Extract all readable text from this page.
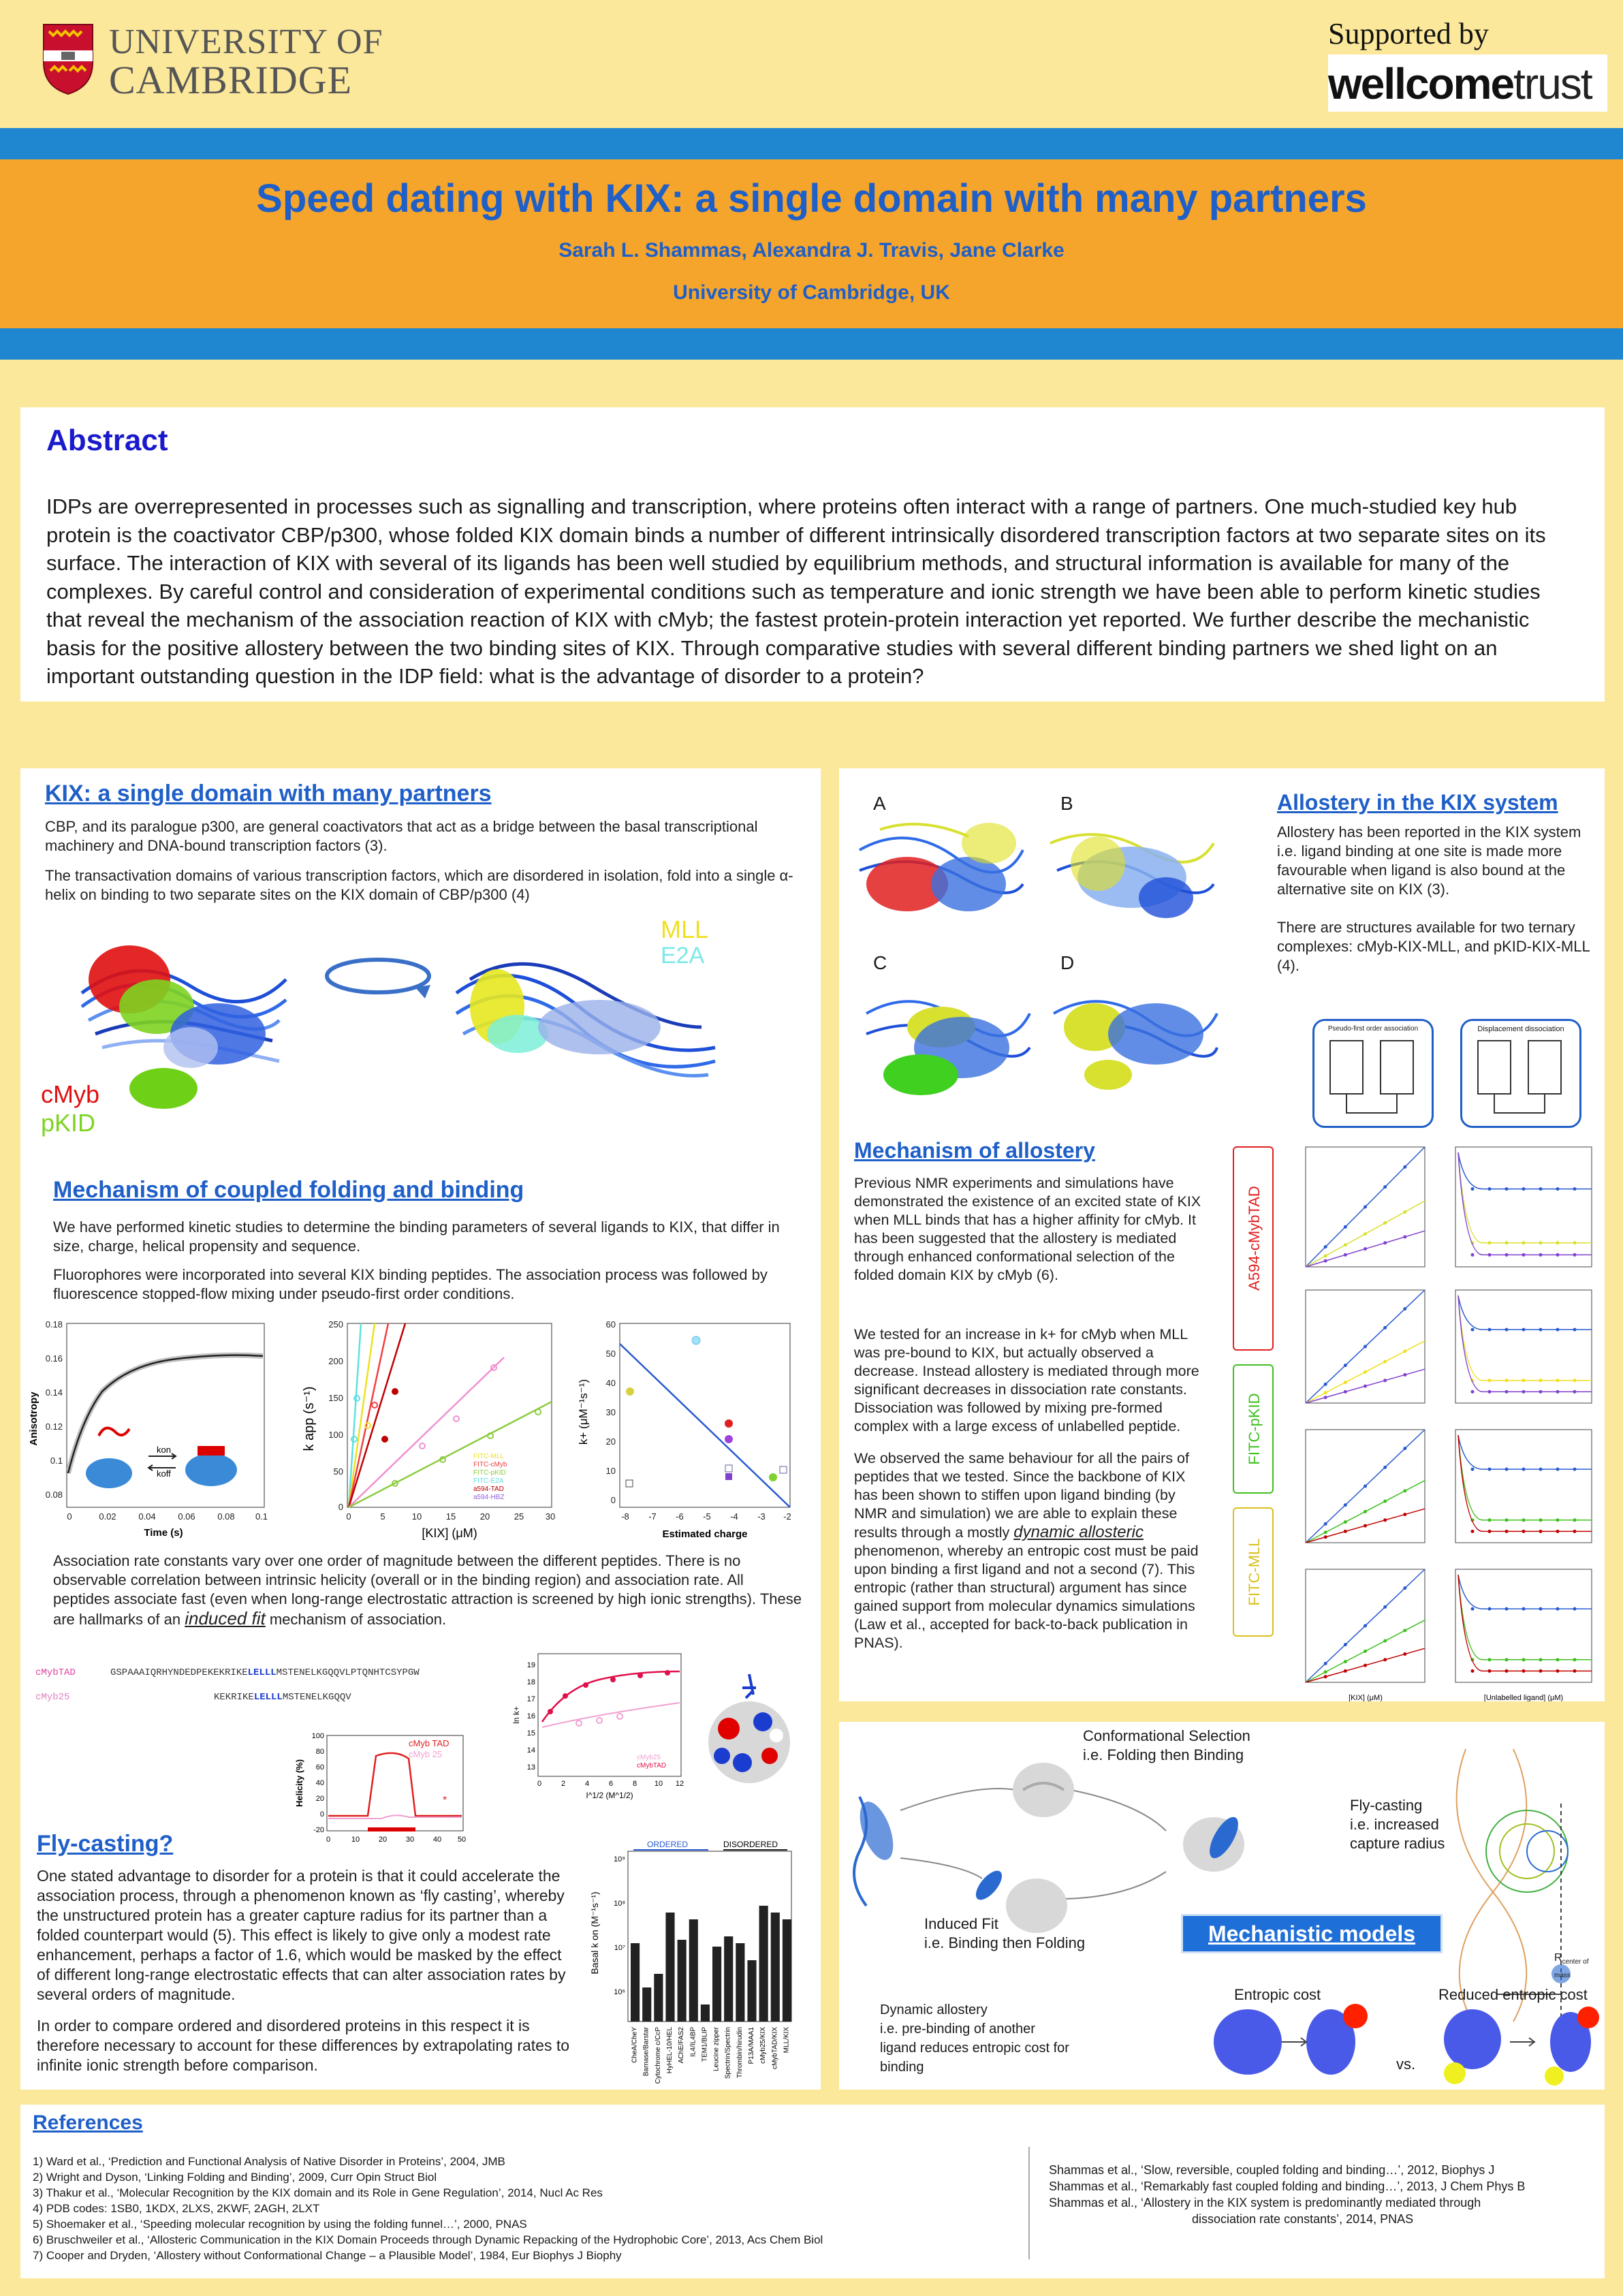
UNIVERSITY OF
CAMBRIDGE
Supported by
wellcometrust
Speed dating with KIX: a single domain with many partners
Sarah L. Shammas, Alexandra J. Travis, Jane Clarke
University of Cambridge, UK
Abstract
IDPs are overrepresented in processes such as signalling and transcription, where proteins often interact with a range of partners. One much-studied key hub protein is the coactivator CBP/p300, whose folded KIX domain binds a number of different intrinsically disordered transcription factors at two separate sites on its surface. The interaction of KIX with several of its ligands has been well studied by equilibrium methods, and structural information is available for many of the complexes. By careful control and consideration of experimental conditions such as temperature and ionic strength we have been able to perform kinetic studies that reveal the mechanism of the association reaction of KIX with cMyb; the fastest protein-protein interaction yet reported. We further describe the mechanistic basis for the positive allostery between the two binding sites of KIX. Through comparative studies with several different binding partners we shed light on an important outstanding question in the IDP field: what is the advantage of disorder to a protein?
KIX: a single domain with many partners
CBP, and its paralogue p300, are general coactivators that act as a bridge between the basal transcriptional machinery and DNA-bound transcription factors (3).
The transactivation domains of various transcription factors, which are disordered in isolation, fold into a single α-helix on binding to two separate sites on the KIX domain of CBP/p300 (4)
MLL
E2A
cMyb
pKID
Mechanism of coupled folding and binding
We have performed kinetic studies to determine the binding parameters of several ligands to KIX, that differ in size, charge, helical propensity and sequence.
Fluorophores were incorporated into several KIX binding peptides. The association process was followed by fluorescence stopped-flow mixing under pseudo-first order conditions.
0.18
0.16
0.14
0.12
0.1
0.08
0	0.02	0.04	0.06	0.08 0.1
Time (s)
Anisotropy
kon
koff
250
200
150
100
50
0
0	5	10	15	20	25 30
[KIX] (μM)
k app (s⁻¹)
FITC-MLL
FITC-cMyb
FITC-pKID
FITC-E2A
a594-TAD
a594-HBZ
60
50
40
30
20
10
0
-8 -7 -6 -5 -4 -3 -2
Estimated charge
k+ (μM⁻¹s⁻¹)
Association rate constants vary over one order of magnitude between the different peptides. There is no observable correlation between intrinsic helicity (overall or in the binding region) and association rate. All peptides associate fast (even when long-range electrostatic attraction is screened by high ionic strengths). These are hallmarks of an induced fit mechanism of association.
cMybTAD	GSPAAAIQRHYNDEDPEKEKRIKELELLLMSTENELKGQQVLPTQNHTCSYPGW
cMyb25	KEKRIKELELLLMSTENELKGQQV
100
80
60
40
20
0
-20
0	10	20	30	40 50
Helicity (%)
cMyb TAD
cMyb 25
*
19
18
17
16
15
14
13
0	2	4	6	8 10 12
I^1/2 (M^1/2)
ln k+
cMyb25
cMybTAD
Fly-casting?
One stated advantage to disorder for a protein is that it could accelerate the association process, through a phenomenon known as ‘fly casting’, whereby the unstructured protein has a greater capture radius for its partner than a folded counterpart would (5). This effect is likely to give only a modest rate enhancement, perhaps a factor of 1.6, which would be masked by the effect of different long-range electrostatic effects that can alter association rates by several orders of magnitude.
In order to compare ordered and disordered proteins in this respect it is therefore necessary to account for these differences by extrapolating rates to infinite ionic strength before comparison.
10⁹
10⁸
10⁷
10⁶
Basal k on (M⁻¹s⁻¹)
ORDERED	DISORDERED
CheA/CheY Barnase/Barstar Cytochrome c/CcP HyHEL-10/HEL AChE/FAS2 IL4/IL4BP TEM1/BLIP Leucine zipper Spectrin/Spectrin Thrombin/hirudin P13A/MAA1 cMyb25/KIX cMybTAD/KIX MLL/KIX
A	B
C	D
Allostery in the KIX system
Allostery has been reported in the KIX system i.e. ligand binding at one site is made more favourable when ligand is also bound at the alternative site on KIX (3).
There are structures available for two ternary complexes: cMyb-KIX-MLL, and pKID-KIX-MLL (4).
Pseudo-first order association	Displacement dissociation
Mechanism of allostery
Previous NMR experiments and simulations have demonstrated the existence of an excited state of KIX when MLL binds that has a higher affinity for cMyb. It has been suggested that the allostery is mediated through enhanced conformational selection of the folded domain KIX by cMyb (6).
We tested for an increase in k+ for cMyb when MLL was pre-bound to KIX, but actually observed a decrease. Instead allostery is mediated through more significant decreases in dissociation rate constants. Dissociation was followed by mixing pre-formed complex with a large excess of unlabelled peptide.
We observed the same behaviour for all the pairs of peptides that we tested. Since the backbone of KIX has been shown to stiffen upon ligand binding (by NMR and simulation) we are able to explain these results through a mostly dynamic allosteric phenomenon, whereby an entropic cost must be paid upon binding a first ligand and not a second (7). This entropic (rather than structural) argument has since gained support from molecular dynamics simulations (Law et al., accepted for back-to-back publication in PNAS).
A594-cMybTAD
FITC-pKID
FITC-MLL
[KIX] (μM)	[Unlabelled ligand] (μM)
Conformational Selection
i.e. Folding then Binding
Fly-casting
i.e. increased
capture radius
Induced Fit
i.e. Binding then Folding
$R_{center of mass}$
Mechanistic models
Dynamic allostery
i.e. pre-binding of another
ligand reduces entropic cost for
binding
Entropic cost	Reduced entropic cost
vs.
References
1) Ward et al., ‘Prediction and Functional Analysis of Native Disorder in Proteins’, 2004, JMB
2) Wright and Dyson, ‘Linking Folding and Binding’, 2009, Curr Opin Struct Biol
3) Thakur et al., ‘Molecular Recognition by the KIX domain and its Role in Gene Regulation’, 2014, Nucl Ac Res
4) PDB codes: 1SB0, 1KDX, 2LXS, 2KWF, 2AGH, 2LXT
5) Shoemaker et al., ‘Speeding molecular recognition by using the folding funnel…’, 2000, PNAS
6) Bruschweiler et al., ‘Allosteric Communication in the KIX Domain Proceeds through Dynamic Repacking of the Hydrophobic Core’, 2013, Acs Chem Biol
7) Cooper and Dryden, ‘Allostery without Conformational Change – a Plausible Model’, 1984, Eur Biophys J Biophy
Shammas et al., ‘Slow, reversible, coupled folding and binding…’, 2012, Biophys J
Shammas et al., ‘Remarkably fast coupled folding and binding…’, 2013, J Chem Phys B
Shammas et al., ‘Allostery in the KIX system is predominantly mediated through
dissociation rate constants’, 2014, PNAS
